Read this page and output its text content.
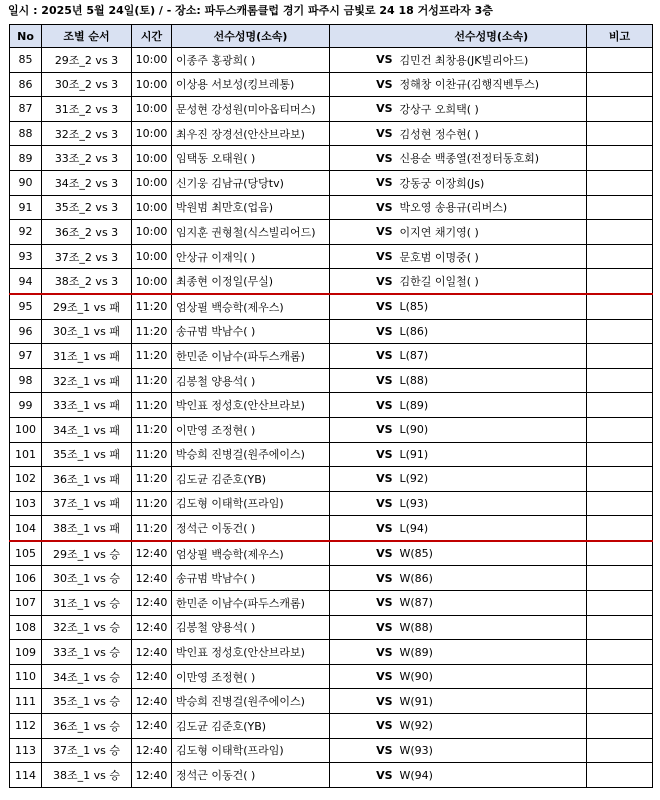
일시 : 2025년 5월 24일(토) / - 장소: 파두스캐롬클럽 경기 파주시 금빛로 24 18 거성프라자 3층
No	조별 순서	시간	선수성명(소속)		선수성명(소속)	비고
85	29조_2 vs 3	10:00	이종주 홍광희( )	VS	김민건 최창용(JK빌리아드)	
86	30조_2 vs 3	10:00	이상용 서보성(킹브레통)	VS	정해창 이찬규(김행직벤투스)	
87	31조_2 vs 3	10:00	문성현 강성원(미아옵티머스)	VS	강상구 오희택( )	
88	32조_2 vs 3	10:00	최우진 장경선(안산브라보)	VS	김성현 정수현( )	
89	33조_2 vs 3	10:00	임택동 오태원( )	VS	신용순 백종열(전정터동호회)	
90	34조_2 vs 3	10:00	신기웅 김남규(당당tv)	VS	강동궁 이장희(Js)	
91	35조_2 vs 3	10:00	박원범 최만호(업음)	VS	박오영 송용규(리버스)	
92	36조_2 vs 3	10:00	임지훈 권형철(식스빌리어드)	VS	이지연 채기영( )	
93	37조_2 vs 3	10:00	안상규 이재익( )	VS	문호범 이명중( )	
94	38조_2 vs 3	10:00	최종현 이정일(무실)	VS	김한길 이일철( )	
95	29조_1 vs 패	11:20	엄상필 백승학(제우스)	VS	L(85)	
96	30조_1 vs 패	11:20	송규범 박남수( )	VS	L(86)	
97	31조_1 vs 패	11:20	한민준 이남수(파두스캐롬)	VS	L(87)	
98	32조_1 vs 패	11:20	김봉철 양용석( )	VS	L(88)	
99	33조_1 vs 패	11:20	박인표 정성호(안산브라보)	VS	L(89)	
100	34조_1 vs 패	11:20	이만영 조정현( )	VS	L(90)	
101	35조_1 vs 패	11:20	박승희 진병걸(원주에이스)	VS	L(91)	
102	36조_1 vs 패	11:20	김도균 김준호(YB)	VS	L(92)	
103	37조_1 vs 패	11:20	김도형 이태학(프라임)	VS	L(93)	
104	38조_1 vs 패	11:20	정석근 이동건( )	VS	L(94)	
105	29조_1 vs 승	12:40	엄상필 백승학(제우스)	VS	W(85)	
106	30조_1 vs 승	12:40	송규범 박남수( )	VS	W(86)	
107	31조_1 vs 승	12:40	한민준 이남수(파두스캐롬)	VS	W(87)	
108	32조_1 vs 승	12:40	김봉철 양용석( )	VS	W(88)	
109	33조_1 vs 승	12:40	박인표 정성호(안산브라보)	VS	W(89)	
110	34조_1 vs 승	12:40	이만영 조정현( )	VS	W(90)	
111	35조_1 vs 승	12:40	박승희 진병걸(원주에이스)	VS	W(91)	
112	36조_1 vs 승	12:40	김도균 김준호(YB)	VS	W(92)	
113	37조_1 vs 승	12:40	김도형 이태학(프라임)	VS	W(93)	
114	38조_1 vs 승	12:40	정석근 이동건( )	VS	W(94)	
